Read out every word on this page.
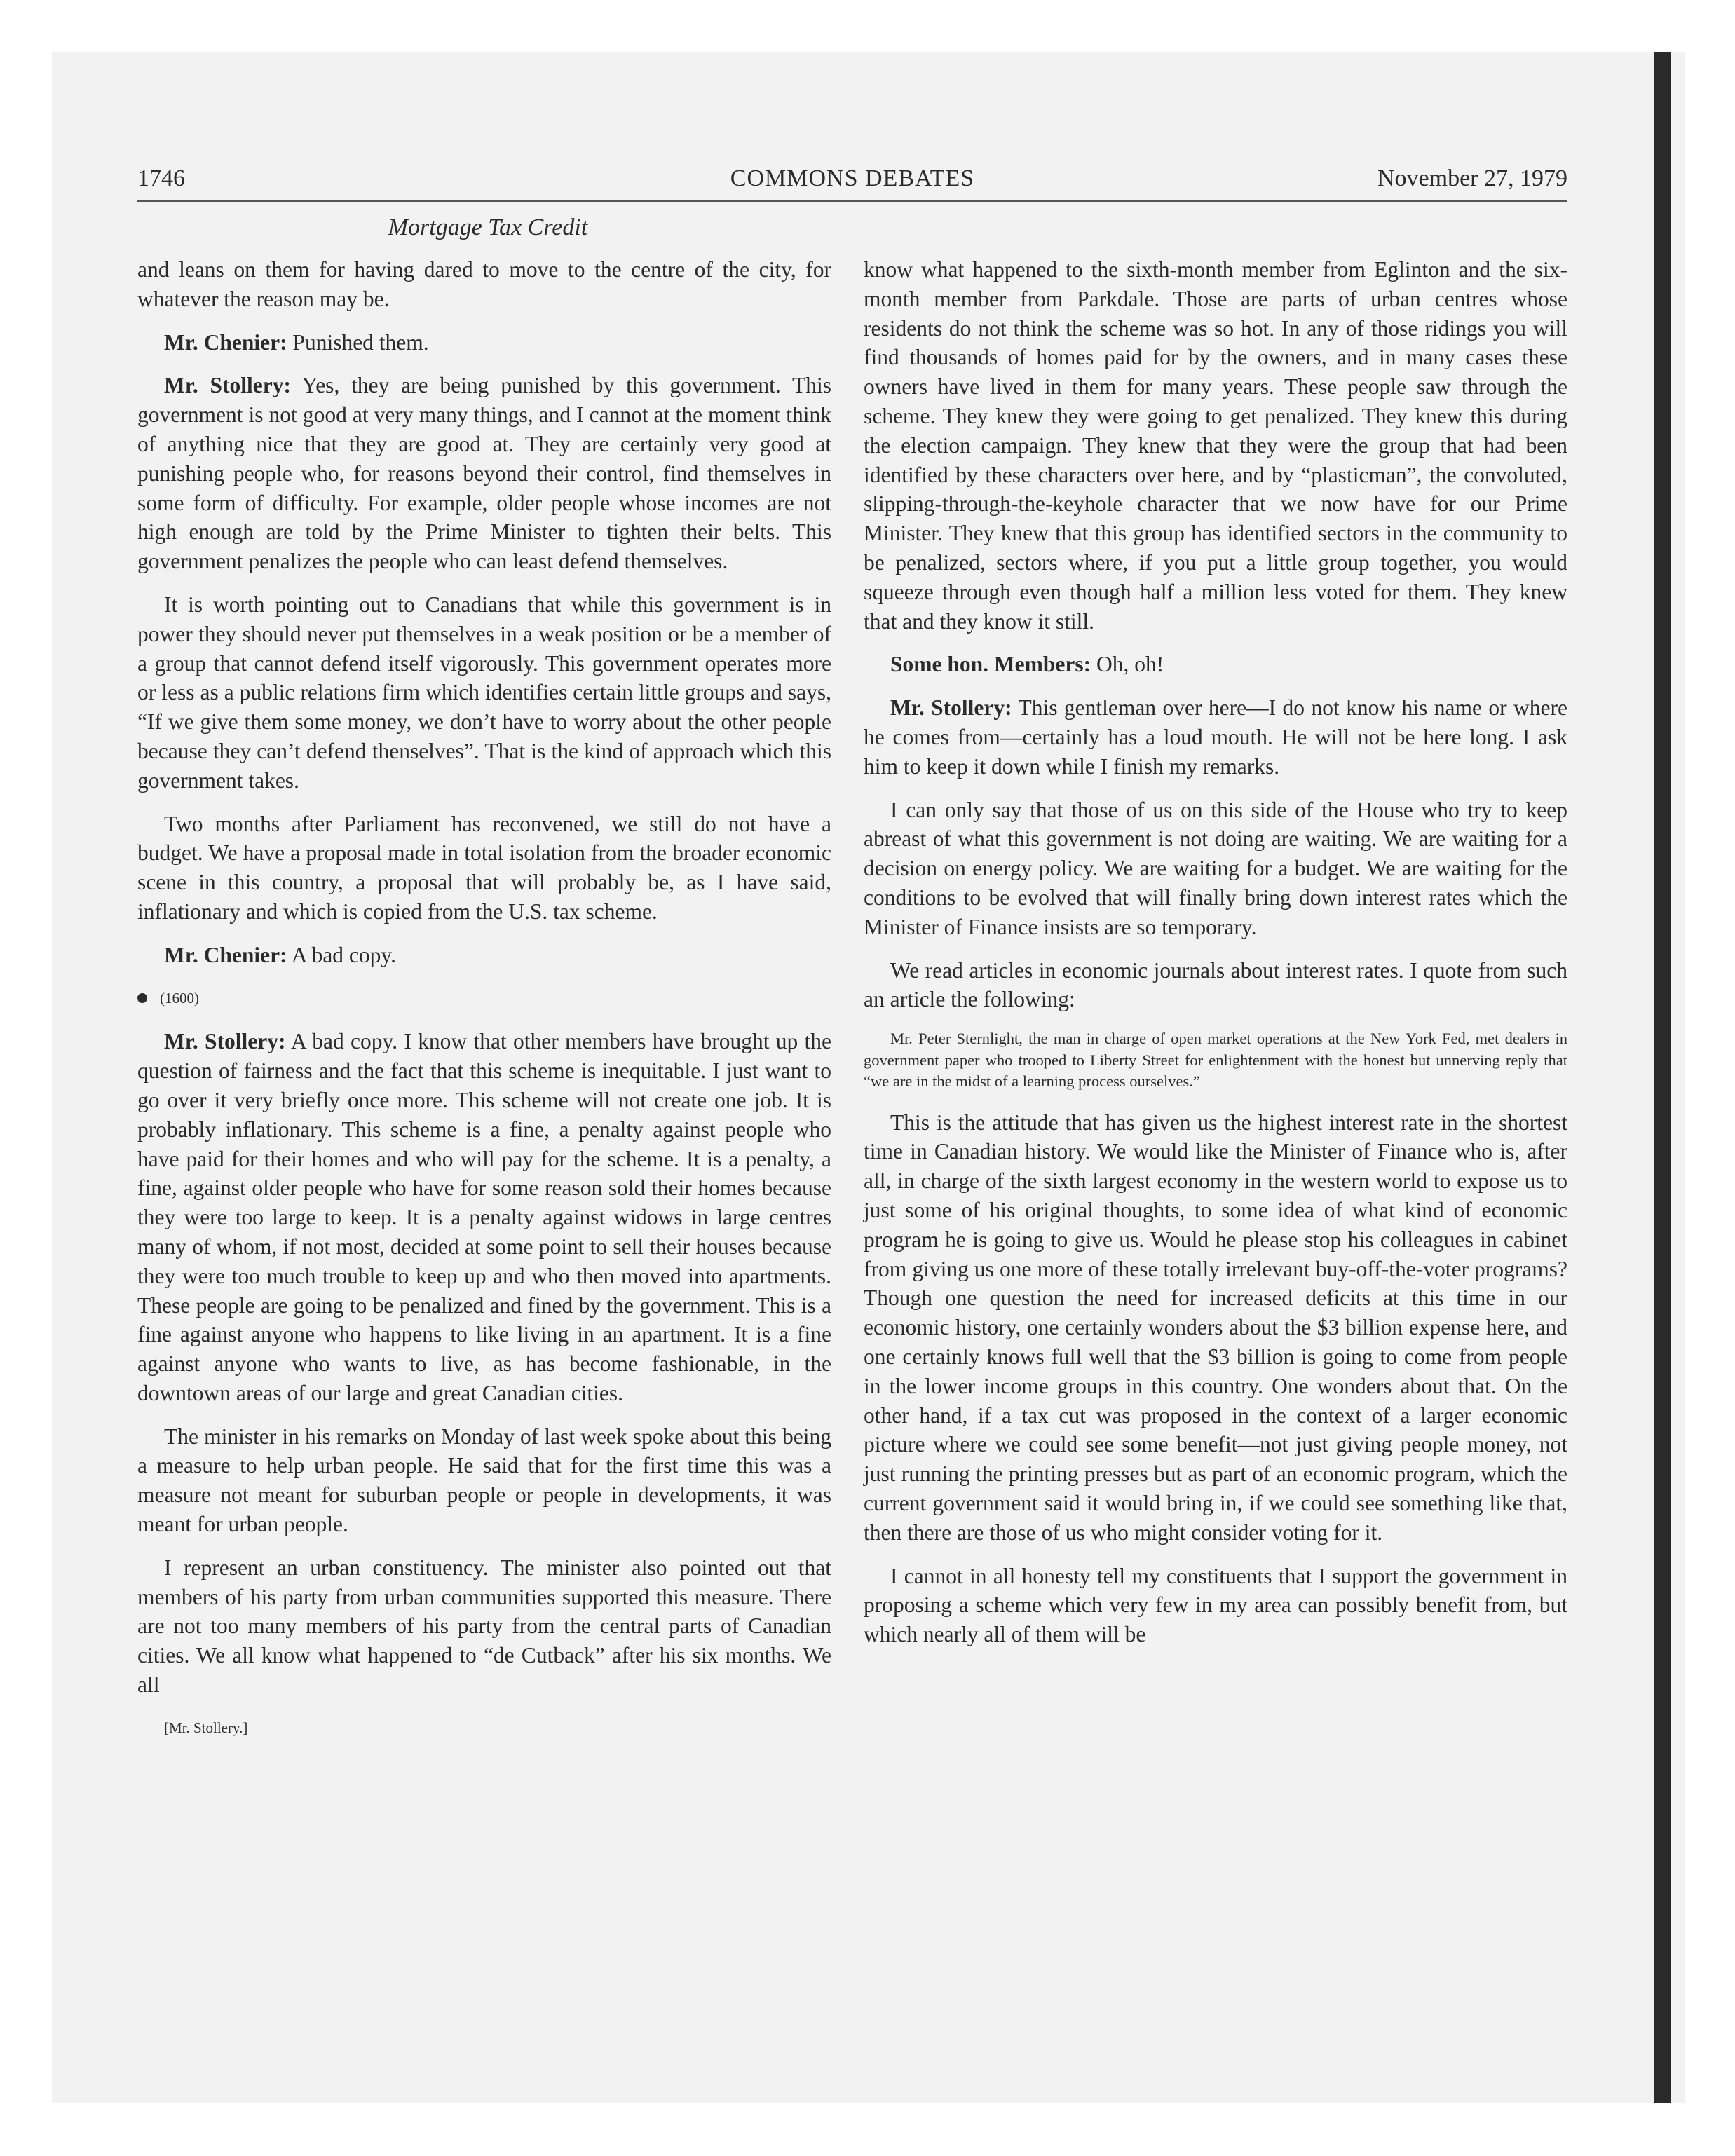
1746	COMMONS DEBATES	November 27, 1979
Mortgage Tax Credit

and leans on them for having dared to move to the centre of the city, for whatever the reason may be.

Mr. Chenier: Punished them.

Mr. Stollery: Yes, they are being punished by this government. This government is not good at very many things, and I cannot at the moment think of anything nice that they are good at. They are certainly very good at punishing people who, for reasons beyond their control, find themselves in some form of difficulty. For example, older people whose incomes are not high enough are told by the Prime Minister to tighten their belts. This government penalizes the people who can least defend themselves.

It is worth pointing out to Canadians that while this government is in power they should never put themselves in a weak position or be a member of a group that cannot defend itself vigorously. This government operates more or less as a public relations firm which identifies certain little groups and says, “If we give them some money, we don’t have to worry about the other people because they can’t defend thenselves”. That is the kind of approach which this government takes.

Two months after Parliament has reconvened, we still do not have a budget. We have a proposal made in total isolation from the broader economic scene in this country, a proposal that will probably be, as I have said, inflationary and which is copied from the U.S. tax scheme.

Mr. Chenier: A bad copy.

(1600)

Mr. Stollery: A bad copy. I know that other members have brought up the question of fairness and the fact that this scheme is inequitable. I just want to go over it very briefly once more. This scheme will not create one job. It is probably inflationary. This scheme is a fine, a penalty against people who have paid for their homes and who will pay for the scheme. It is a penalty, a fine, against older people who have for some reason sold their homes because they were too large to keep. It is a penalty against widows in large centres many of whom, if not most, decided at some point to sell their houses because they were too much trouble to keep up and who then moved into apartments. These people are going to be penalized and fined by the government. This is a fine against anyone who happens to like living in an apartment. It is a fine against anyone who wants to live, as has become fashionable, in the downtown areas of our large and great Canadian cities.

The minister in his remarks on Monday of last week spoke about this being a measure to help urban people. He said that for the first time this was a measure not meant for suburban people or people in developments, it was meant for urban people.

I represent an urban constituency. The minister also pointed out that members of his party from urban communities supported this measure. There are not too many members of his party from the central parts of Canadian cities. We all know what happened to “de Cutback” after his six months. We all

[Mr. Stollery.]

know what happened to the sixth-month member from Eglinton and the six-month member from Parkdale. Those are parts of urban centres whose residents do not think the scheme was so hot. In any of those ridings you will find thousands of homes paid for by the owners, and in many cases these owners have lived in them for many years. These people saw through the scheme. They knew they were going to get penalized. They knew this during the election campaign. They knew that they were the group that had been identified by these characters over here, and by “plasticman”, the convoluted, slipping-through-the-keyhole character that we now have for our Prime Minister. They knew that this group has identified sectors in the community to be penalized, sectors where, if you put a little group together, you would squeeze through even though half a million less voted for them. They knew that and they know it still.

Some hon. Members: Oh, oh!

Mr. Stollery: This gentleman over here—I do not know his name or where he comes from—certainly has a loud mouth. He will not be here long. I ask him to keep it down while I finish my remarks.

I can only say that those of us on this side of the House who try to keep abreast of what this government is not doing are waiting. We are waiting for a decision on energy policy. We are waiting for a budget. We are waiting for the conditions to be evolved that will finally bring down interest rates which the Minister of Finance insists are so temporary.

We read articles in economic journals about interest rates. I quote from such an article the following:

Mr. Peter Sternlight, the man in charge of open market operations at the New York Fed, met dealers in government paper who trooped to Liberty Street for enlightenment with the honest but unnerving reply that “we are in the midst of a learning process ourselves.”

This is the attitude that has given us the highest interest rate in the shortest time in Canadian history. We would like the Minister of Finance who is, after all, in charge of the sixth largest economy in the western world to expose us to just some of his original thoughts, to some idea of what kind of economic program he is going to give us. Would he please stop his colleagues in cabinet from giving us one more of these totally irrelevant buy-off-the-voter programs? Though one question the need for increased deficits at this time in our economic history, one certainly wonders about the $3 billion expense here, and one certainly knows full well that the $3 billion is going to come from people in the lower income groups in this country. One wonders about that. On the other hand, if a tax cut was proposed in the context of a larger economic picture where we could see some benefit—not just giving people money, not just running the printing presses but as part of an economic program, which the current government said it would bring in, if we could see something like that, then there are those of us who might consider voting for it.

I cannot in all honesty tell my constituents that I support the government in proposing a scheme which very few in my area can possibly benefit from, but which nearly all of them will be
